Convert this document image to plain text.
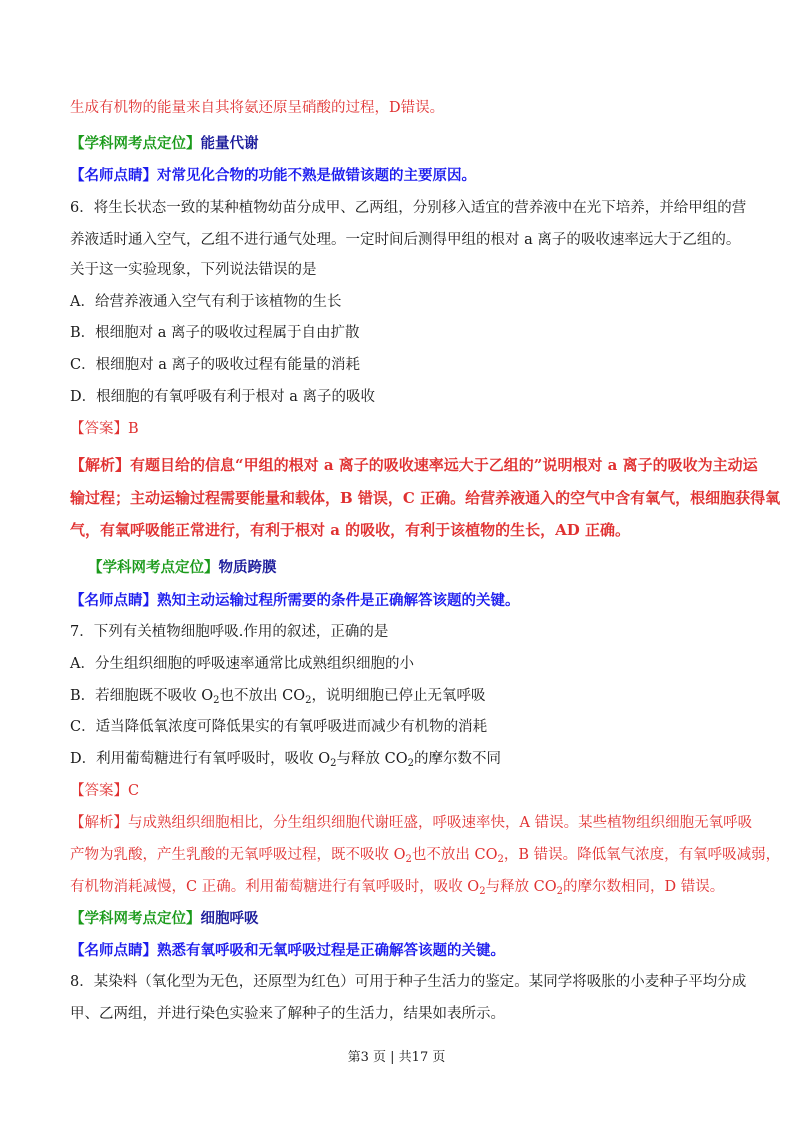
生成有机物的能量来自其将氨还原呈硝酸的过程，D错误。
【学科网考点定位】能量代谢
【名师点睛】对常见化合物的功能不熟是做错该题的主要原因。
6．将生长状态一致的某种植物幼苗分成甲、乙两组，分别移入适宜的营养液中在光下培养，并给甲组的营
养液适时通入空气，乙组不进行通气处理。一定时间后测得甲组的根对 a 离子的吸收速率远大于乙组的。
关于这一实验现象，下列说法错误的是
A．给营养液通入空气有利于该植物的生长
B．根细胞对 a 离子的吸收过程属于自由扩散
C．根细胞对 a 离子的吸收过程有能量的消耗
D．根细胞的有氧呼吸有利于根对 a 离子的吸收
【答案】B
【解析】有题目给的信息“甲组的根对 a 离子的吸收速率远大于乙组的”说明根对 a 离子的吸收为主动运
输过程；主动运输过程需要能量和载体，B 错误，C 正确。给营养液通入的空气中含有氧气，根细胞获得氧
气，有氧呼吸能正常进行，有利于根对 a 的吸收，有利于该植物的生长，AD 正确。
【学科网考点定位】物质跨膜
【名师点睛】熟知主动运输过程所需要的条件是正确解答该题的关键。
7．下列有关植物细胞呼吸.作用的叙述，正确的是
A．分生组织细胞的呼吸速率通常比成熟组织细胞的小
B．若细胞既不吸收 $O_2$也不放出 $CO_2$，说明细胞已停止无氧呼吸
C．适当降低氧浓度可降低果实的有氧呼吸进而减少有机物的消耗
D．利用葡萄糖进行有氧呼吸时，吸收 $O_2$与释放 $CO_2$的摩尔数不同
【答案】C
【解析】与成熟组织细胞相比，分生组织细胞代谢旺盛，呼吸速率快，A 错误。某些植物组织细胞无氧呼吸
产物为乳酸，产生乳酸的无氧呼吸过程，既不吸收 $O_2$也不放出 $CO_2$，B 错误。降低氧气浓度，有氧呼吸减弱，
有机物消耗减慢，C 正确。利用葡萄糖进行有氧呼吸时，吸收 $O_2$与释放 $CO_2$的摩尔数相同，D 错误。
【学科网考点定位】细胞呼吸
【名师点睛】熟悉有氧呼吸和无氧呼吸过程是正确解答该题的关键。
8．某染料（氧化型为无色，还原型为红色）可用于种子生活力的鉴定。某同学将吸胀的小麦种子平均分成
甲、乙两组，并进行染色实验来了解种子的生活力，结果如表所示。
第3 页 | 共17 页
